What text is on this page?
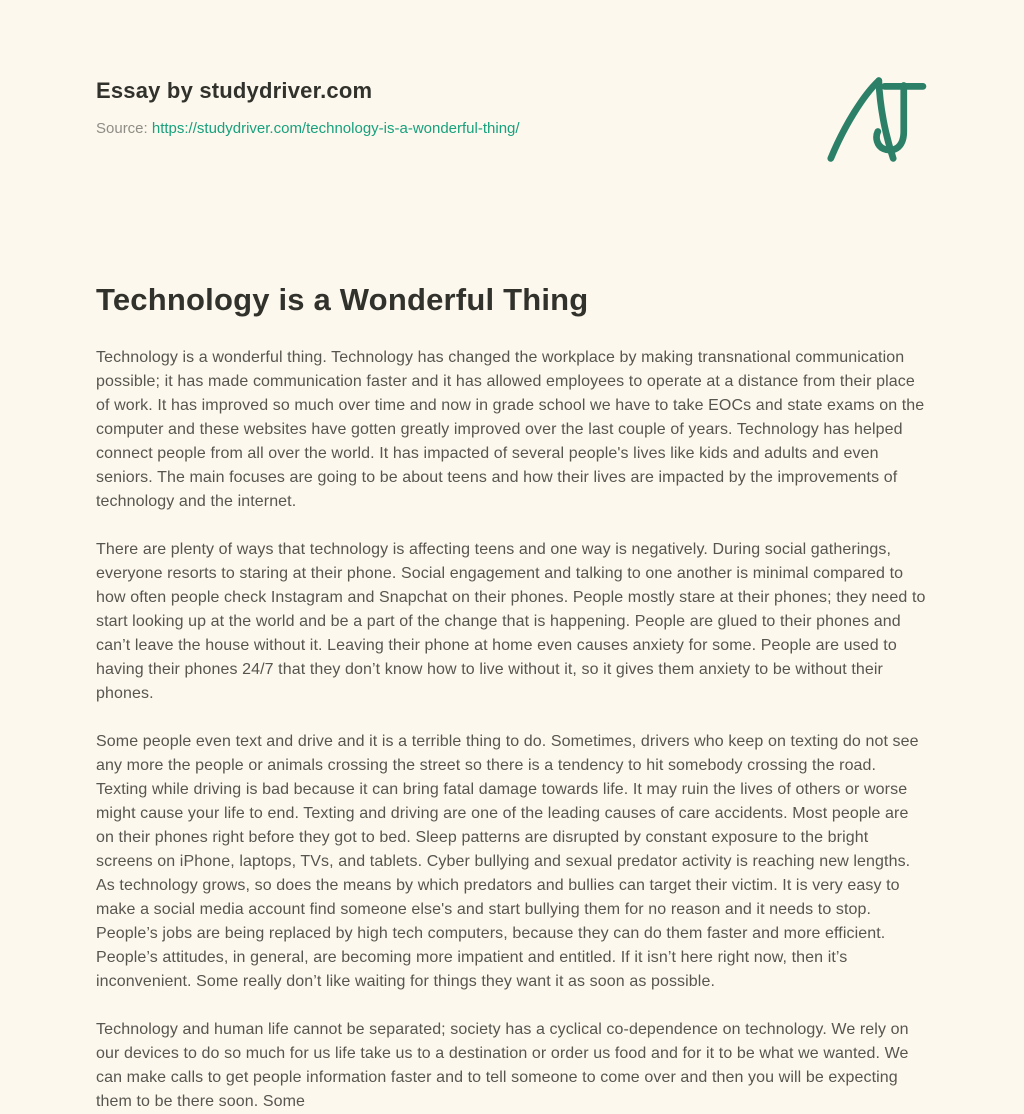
Essay by studydriver.com

Source: https://studydriver.com/technology-is-a-wonderful-thing/

Technology is a Wonderful Thing

Technology is a wonderful thing. Technology has changed the workplace by making transnational communication possible; it has made communication faster and it has allowed employees to operate at a distance from their place of work. It has improved so much over time and now in grade school we have to take EOCs and state exams on the computer and these websites have gotten greatly improved over the last couple of years. Technology has helped connect people from all over the world. It has impacted of several people's lives like kids and adults and even seniors. The main focuses are going to be about teens and how their lives are impacted by the improvements of technology and the internet.

There are plenty of ways that technology is affecting teens and one way is negatively. During social gatherings, everyone resorts to staring at their phone. Social engagement and talking to one another is minimal compared to how often people check Instagram and Snapchat on their phones. People mostly stare at their phones; they need to start looking up at the world and be a part of the change that is happening. People are glued to their phones and can’t leave the house without it. Leaving their phone at home even causes anxiety for some. People are used to having their phones 24/7 that they don’t know how to live without it, so it gives them anxiety to be without their phones.

Some people even text and drive and it is a terrible thing to do. Sometimes, drivers who keep on texting do not see any more the people or animals crossing the street so there is a tendency to hit somebody crossing the road. Texting while driving is bad because it can bring fatal damage towards life. It may ruin the lives of others or worse might cause your life to end. Texting and driving are one of the leading causes of care accidents. Most people are on their phones right before they got to bed. Sleep patterns are disrupted by constant exposure to the bright screens on iPhone, laptops, TVs, and tablets. Cyber bullying and sexual predator activity is reaching new lengths. As technology grows, so does the means by which predators and bullies can target their victim. It is very easy to make a social media account find someone else's and start bullying them for no reason and it needs to stop. People’s jobs are being replaced by high tech computers, because they can do them faster and more efficient. People’s attitudes, in general, are becoming more impatient and entitled. If it isn’t here right now, then it’s inconvenient. Some really don’t like waiting for things they want it as soon as possible.

Technology and human life cannot be separated; society has a cyclical co-dependence on technology. We rely on our devices to do so much for us life take us to a destination or order us food and for it to be what we wanted. We can make calls to get people information faster and to tell someone to come over and then you will be expecting them to be there soon. Some
